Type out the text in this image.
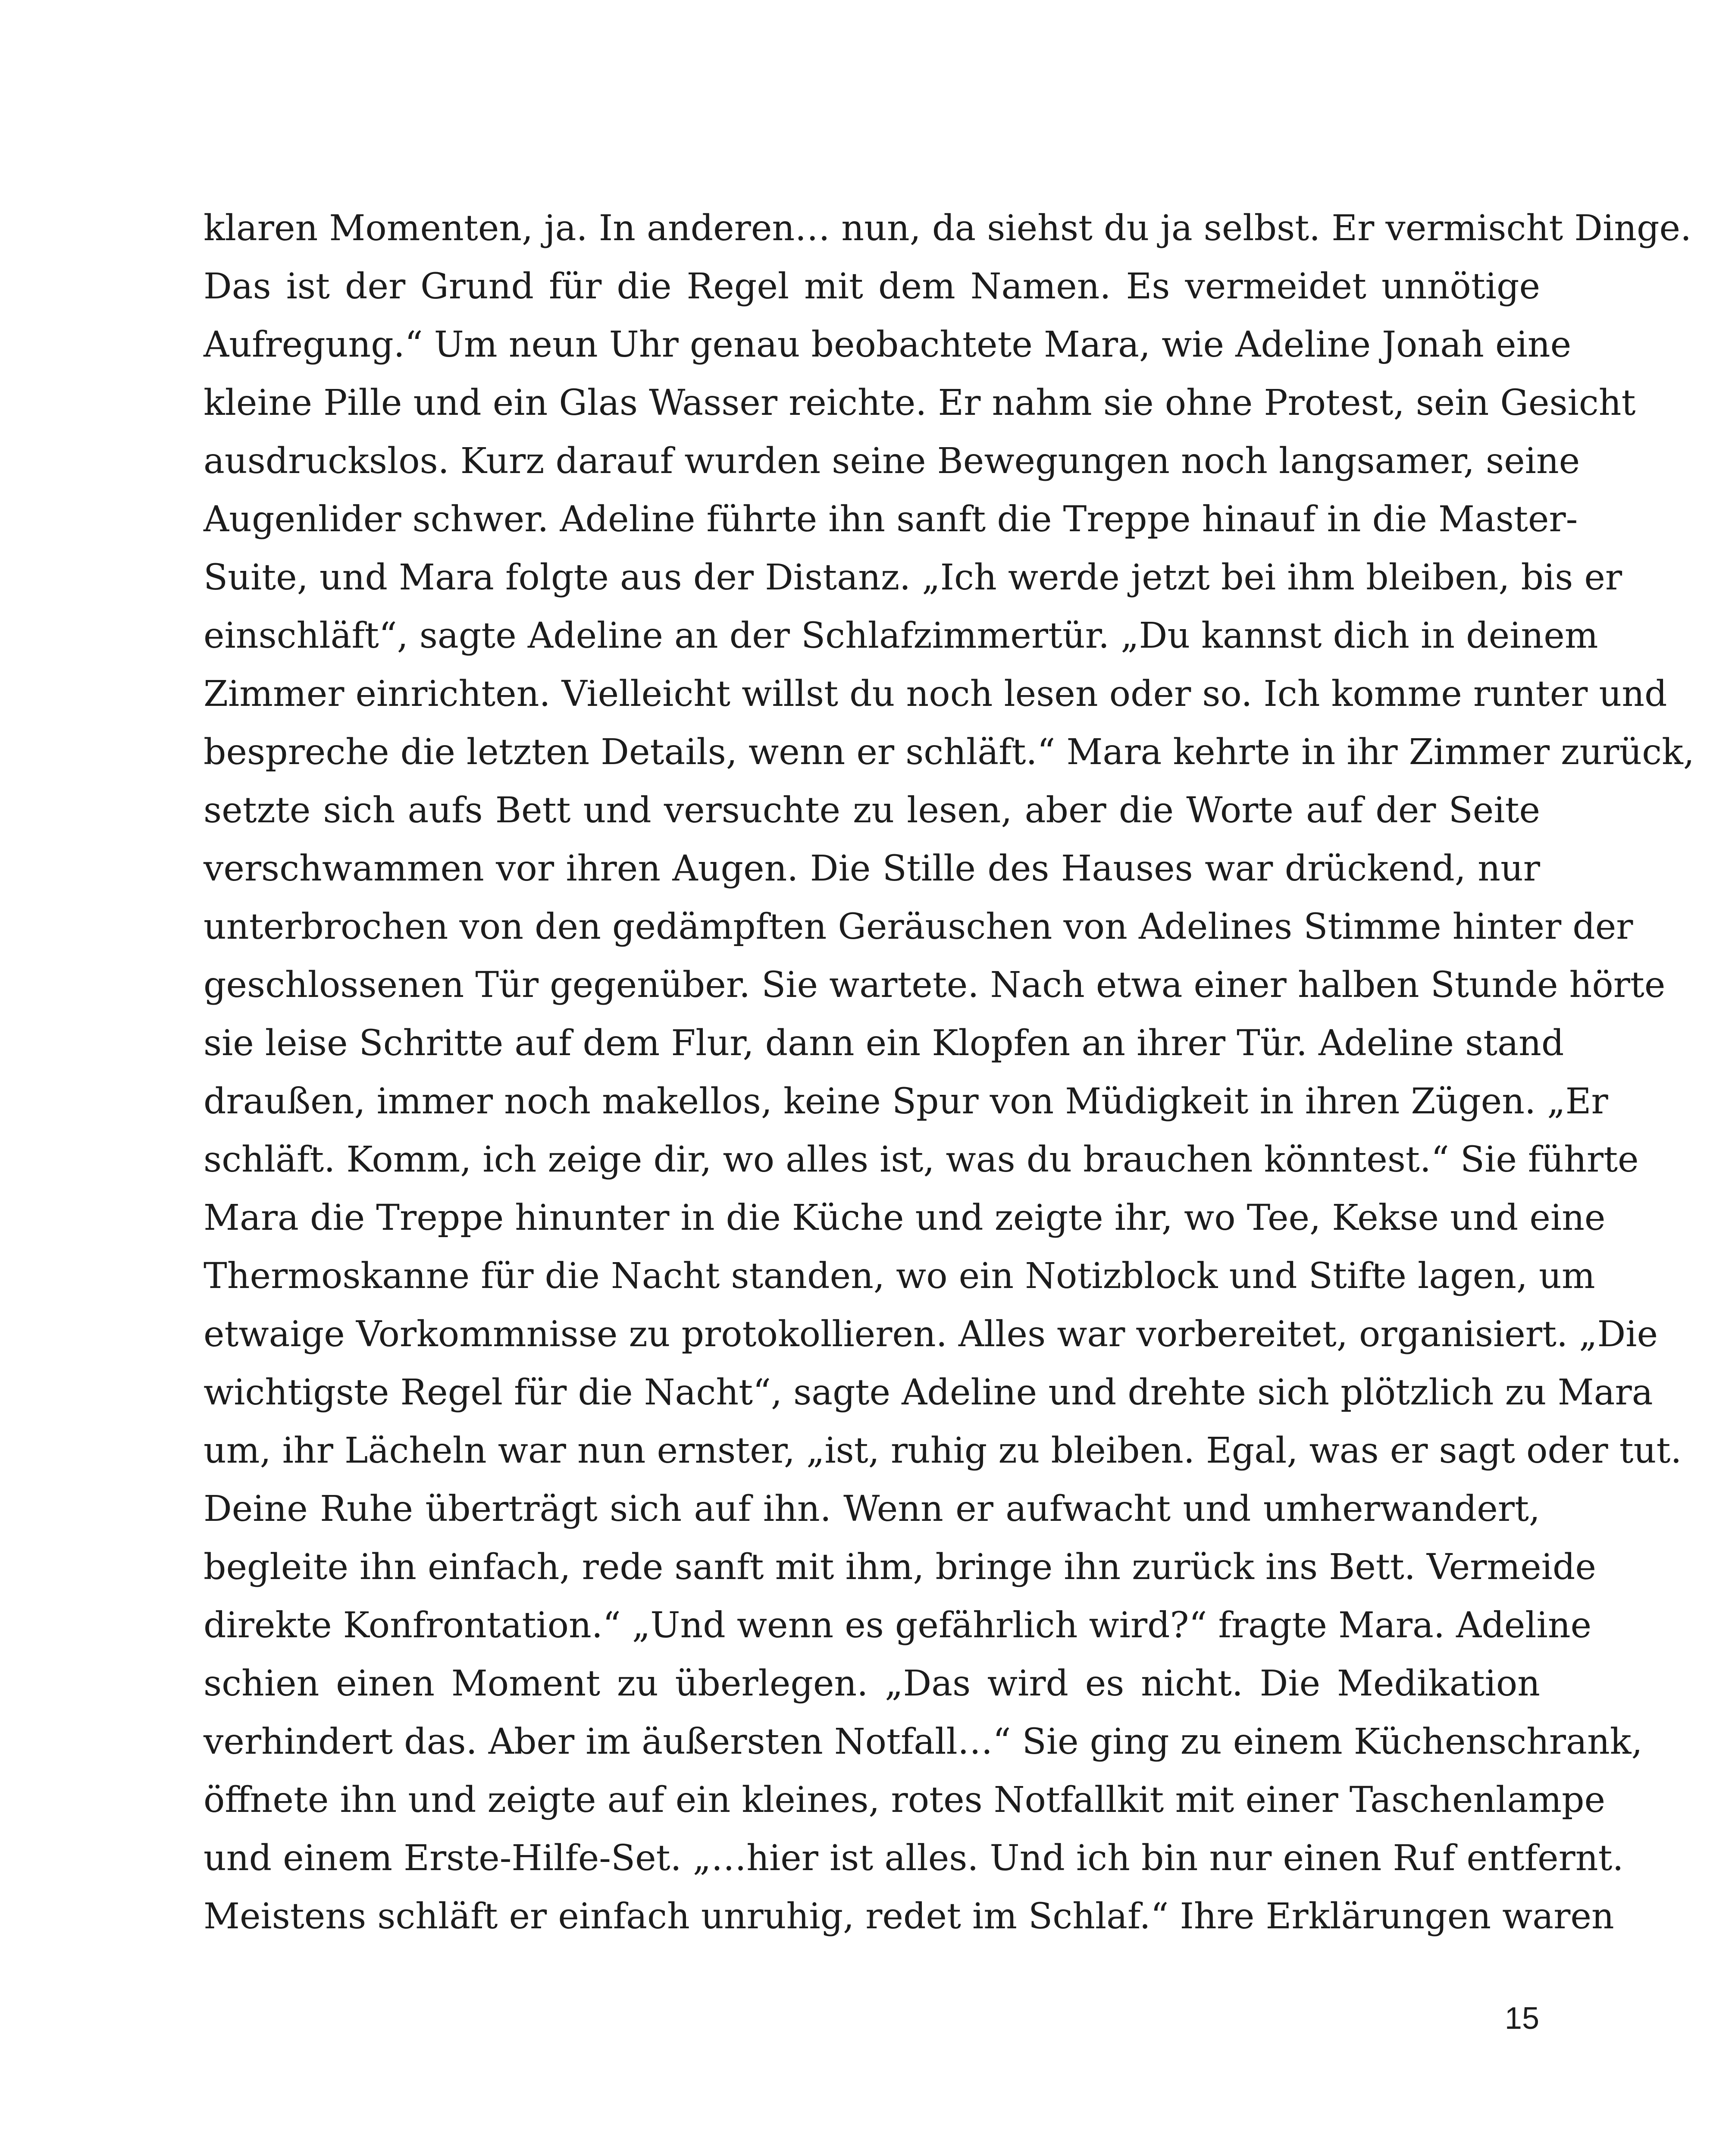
klaren Momenten, ja. In anderen… nun, da siehst du ja selbst. Er vermischt Dinge.
Das ist der Grund für die Regel mit dem Namen. Es vermeidet unnötige
Aufregung.“ Um neun Uhr genau beobachtete Mara, wie Adeline Jonah eine
kleine Pille und ein Glas Wasser reichte. Er nahm sie ohne Protest, sein Gesicht
ausdruckslos. Kurz darauf wurden seine Bewegungen noch langsamer, seine
Augenlider schwer. Adeline führte ihn sanft die Treppe hinauf in die Master-
Suite, und Mara folgte aus der Distanz. „Ich werde jetzt bei ihm bleiben, bis er
einschläft“, sagte Adeline an der Schlafzimmertür. „Du kannst dich in deinem
Zimmer einrichten. Vielleicht willst du noch lesen oder so. Ich komme runter und
bespreche die letzten Details, wenn er schläft.“ Mara kehrte in ihr Zimmer zurück,
setzte sich aufs Bett und versuchte zu lesen, aber die Worte auf der Seite
verschwammen vor ihren Augen. Die Stille des Hauses war drückend, nur
unterbrochen von den gedämpften Geräuschen von Adelines Stimme hinter der
geschlossenen Tür gegenüber. Sie wartete. Nach etwa einer halben Stunde hörte
sie leise Schritte auf dem Flur, dann ein Klopfen an ihrer Tür. Adeline stand
draußen, immer noch makellos, keine Spur von Müdigkeit in ihren Zügen. „Er
schläft. Komm, ich zeige dir, wo alles ist, was du brauchen könntest.“ Sie führte
Mara die Treppe hinunter in die Küche und zeigte ihr, wo Tee, Kekse und eine
Thermoskanne für die Nacht standen, wo ein Notizblock und Stifte lagen, um
etwaige Vorkommnisse zu protokollieren. Alles war vorbereitet, organisiert. „Die
wichtigste Regel für die Nacht“, sagte Adeline und drehte sich plötzlich zu Mara
um, ihr Lächeln war nun ernster, „ist, ruhig zu bleiben. Egal, was er sagt oder tut.
Deine Ruhe überträgt sich auf ihn. Wenn er aufwacht und umherwandert,
begleite ihn einfach, rede sanft mit ihm, bringe ihn zurück ins Bett. Vermeide
direkte Konfrontation.“ „Und wenn es gefährlich wird?“ fragte Mara. Adeline
schien einen Moment zu überlegen. „Das wird es nicht. Die Medikation
verhindert das. Aber im äußersten Notfall…“ Sie ging zu einem Küchenschrank,
öffnete ihn und zeigte auf ein kleines, rotes Notfallkit mit einer Taschenlampe
und einem Erste-Hilfe-Set. „…hier ist alles. Und ich bin nur einen Ruf entfernt.
Meistens schläft er einfach unruhig, redet im Schlaf.“ Ihre Erklärungen waren
15
